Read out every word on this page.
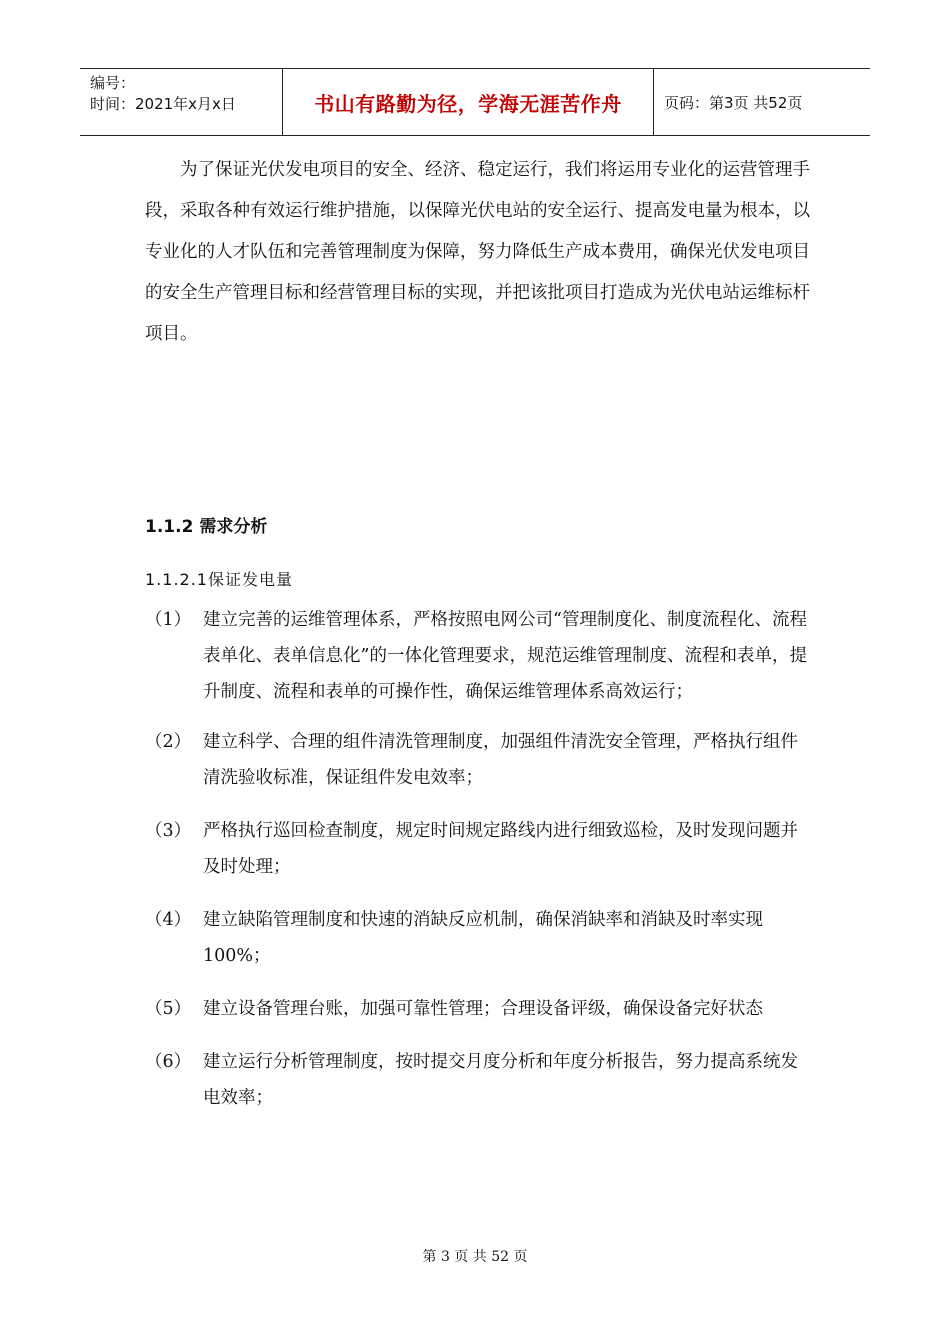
编号：
时间：2021年x月x日	书山有路勤为径，学海无涯苦作舟	页码：第3页 共52页

为了保证光伏发电项目的安全、经济、稳定运行，我们将运用专业化的运营管理手段，采取各种有效运行维护措施，以保障光伏电站的安全运行、提高发电量为根本，以专业化的人才队伍和完善管理制度为保障，努力降低生产成本费用，确保光伏发电项目的安全生产管理目标和经营管理目标的实现，并把该批项目打造成为光伏电站运维标杆项目。

1.1.2 需求分析
1.1.2.1保证发电量
（1） 建立完善的运维管理体系，严格按照电网公司“管理制度化、制度流程化、流程表单化、表单信息化”的一体化管理要求，规范运维管理制度、流程和表单，提升制度、流程和表单的可操作性，确保运维管理体系高效运行；
（2） 建立科学、合理的组件清洗管理制度，加强组件清洗安全管理，严格执行组件清洗验收标准，保证组件发电效率；
（3） 严格执行巡回检查制度，规定时间规定路线内进行细致巡检，及时发现问题并及时处理；
（4） 建立缺陷管理制度和快速的消缺反应机制，确保消缺率和消缺及时率实现100%；
（5） 建立设备管理台账，加强可靠性管理；合理设备评级，确保设备完好状态
（6） 建立运行分析管理制度，按时提交月度分析和年度分析报告，努力提高系统发电效率；
第 3 页 共 52 页
